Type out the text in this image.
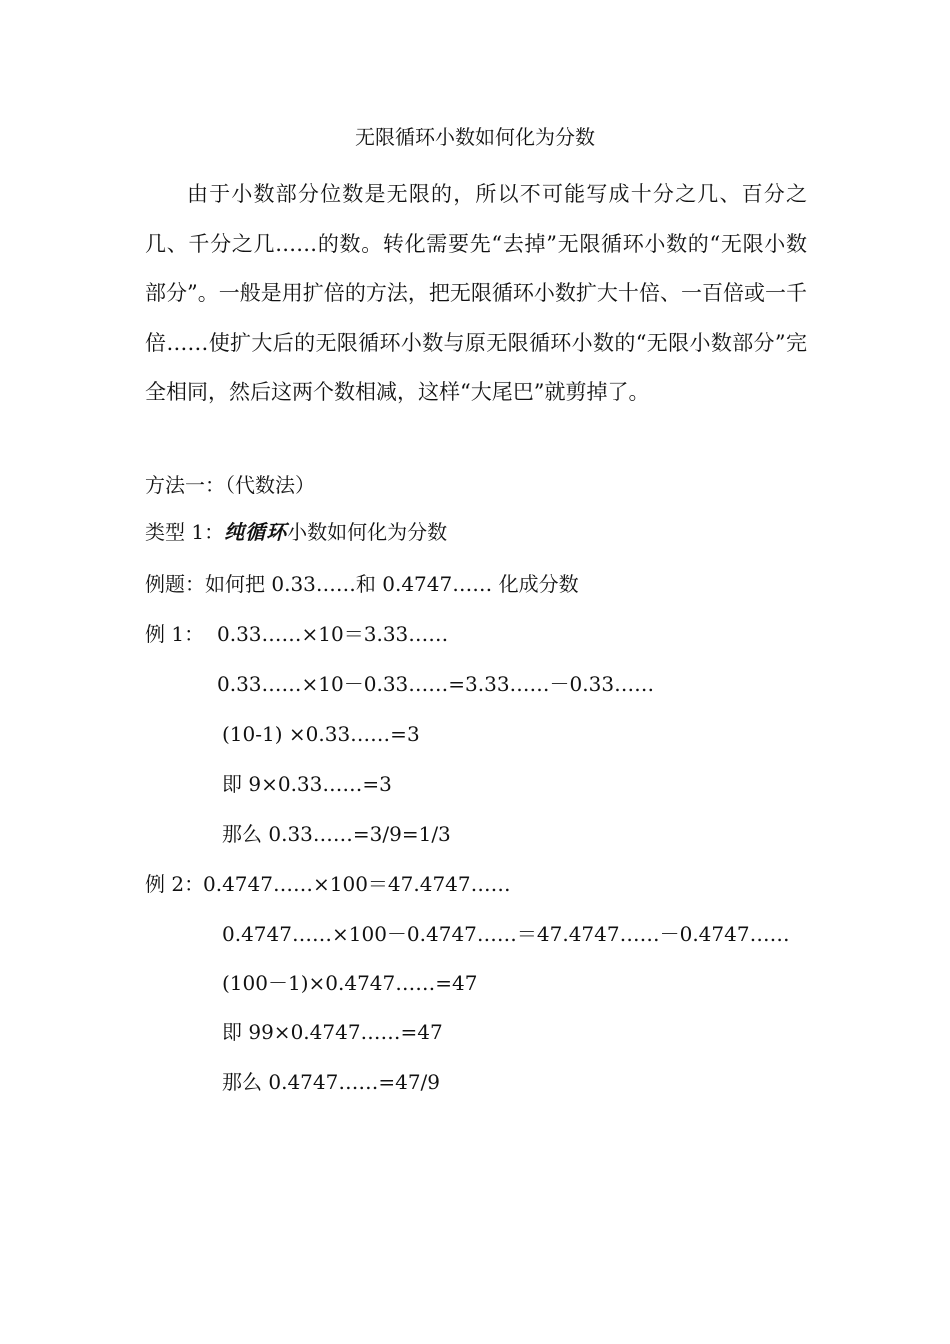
无限循环小数如何化为分数

由于小数部分位数是无限的，所以不可能写成十分之几、百分之几、千分之几……的数。转化需要先“去掉”无限循环小数的“无限小数部分”。一般是用扩倍的方法，把无限循环小数扩大十倍、一百倍或一千倍……使扩大后的无限循环小数与原无限循环小数的“无限小数部分”完全相同，然后这两个数相减，这样“大尾巴”就剪掉了。

方法一：（代数法）

类型 1：纯循环小数如何化为分数

例题：如何把 0.33……和 0.4747…… 化成分数

例 1： 0.33……×10＝3.33……

0.33……×10－0.33……=3.33……－0.33……

(10-1) ×0.33……=3

即 9×0.33……=3

那么 0.33……=3/9=1/3

例 2：

0.4747……×100＝47.4747……

0.4747……×100－0.4747……＝47.4747……－0.4747……

(100－1)×0.4747……=47

即 99×0.4747……=47

那么 0.4747……=47/9
